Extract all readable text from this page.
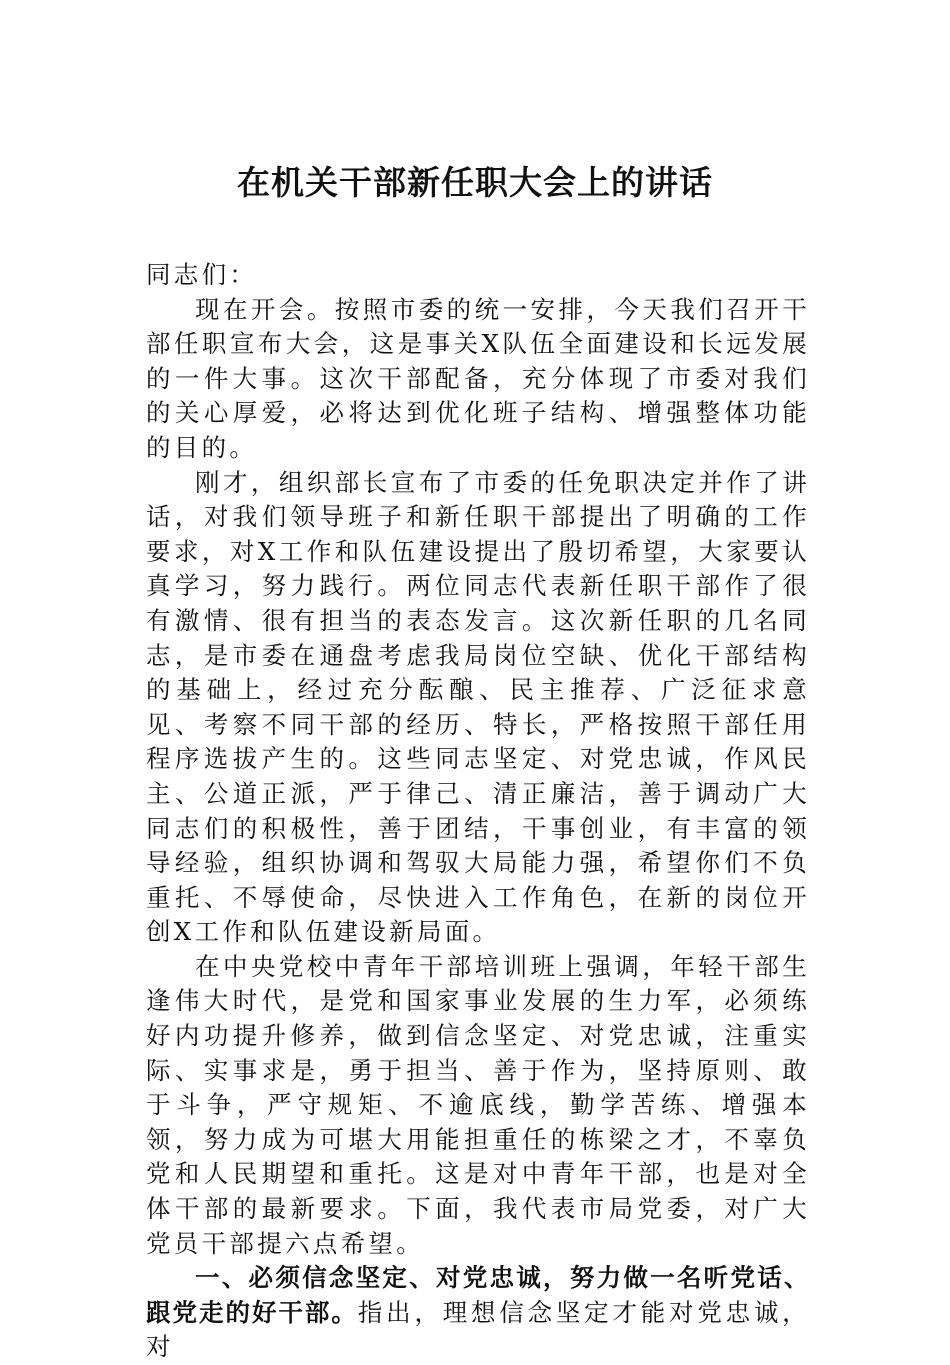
在机关干部新任职大会上的讲话

同志们：

现在开会。按照市委的统一安排，今天我们召开干部任职宣布大会，这是事关X队伍全面建设和长远发展的一件大事。这次干部配备，充分体现了市委对我们的关心厚爱，必将达到优化班子结构、增强整体功能的目的。

刚才，组织部长宣布了市委的任免职决定并作了讲话，对我们领导班子和新任职干部提出了明确的工作要求，对X工作和队伍建设提出了殷切希望，大家要认真学习，努力践行。两位同志代表新任职干部作了很有激情、很有担当的表态发言。这次新任职的几名同志，是市委在通盘考虑我局岗位空缺、优化干部结构的基础上，经过充分酝酿、民主推荐、广泛征求意见、考察不同干部的经历、特长，严格按照干部任用程序选拔产生的。这些同志坚定、对党忠诚，作风民主、公道正派，严于律己、清正廉洁，善于调动广大同志们的积极性，善于团结，干事创业，有丰富的领导经验，组织协调和驾驭大局能力强，希望你们不负重托、不辱使命，尽快进入工作角色，在新的岗位开创X工作和队伍建设新局面。

在中央党校中青年干部培训班上强调，年轻干部生逢伟大时代，是党和国家事业发展的生力军，必须练好内功提升修养，做到信念坚定、对党忠诚，注重实际、实事求是，勇于担当、善于作为，坚持原则、敢于斗争，严守规矩、不逾底线，勤学苦练、增强本领，努力成为可堪大用能担重任的栋梁之才，不辜负党和人民期望和重托。这是对中青年干部，也是对全体干部的最新要求。下面，我代表市局党委，对广大党员干部提六点希望。

一、必须信念坚定、对党忠诚，努力做一名听党话、跟党走的好干部。指出，理想信念坚定才能对党忠诚，对
